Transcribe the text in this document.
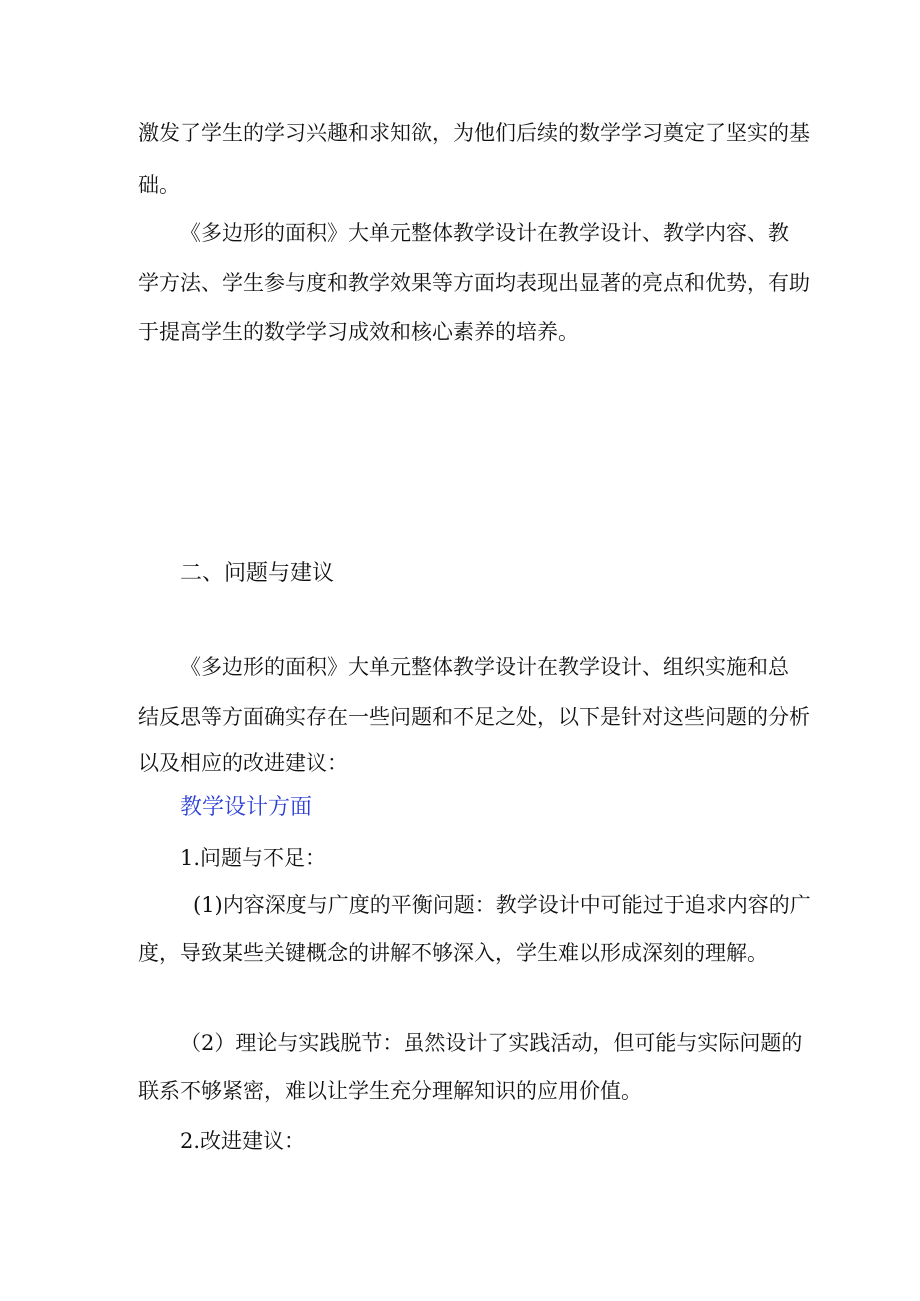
激发了学生的学习兴趣和求知欲，为他们后续的数学学习奠定了坚实的基
础。
《多边形的面积》大单元整体教学设计在教学设计、教学内容、教
学方法、学生参与度和教学效果等方面均表现出显著的亮点和优势，有助
于提高学生的数学学习成效和核心素养的培养。
二、问题与建议
《多边形的面积》大单元整体教学设计在教学设计、组织实施和总
结反思等方面确实存在一些问题和不足之处，以下是针对这些问题的分析
以及相应的改进建议：
教学设计方面
1.问题与不足：
(1)内容深度与广度的平衡问题：教学设计中可能过于追求内容的广
度，导致某些关键概念的讲解不够深入，学生难以形成深刻的理解。
（2）理论与实践脱节：虽然设计了实践活动，但可能与实际问题的
联系不够紧密，难以让学生充分理解知识的应用价值。
2.改进建议：
